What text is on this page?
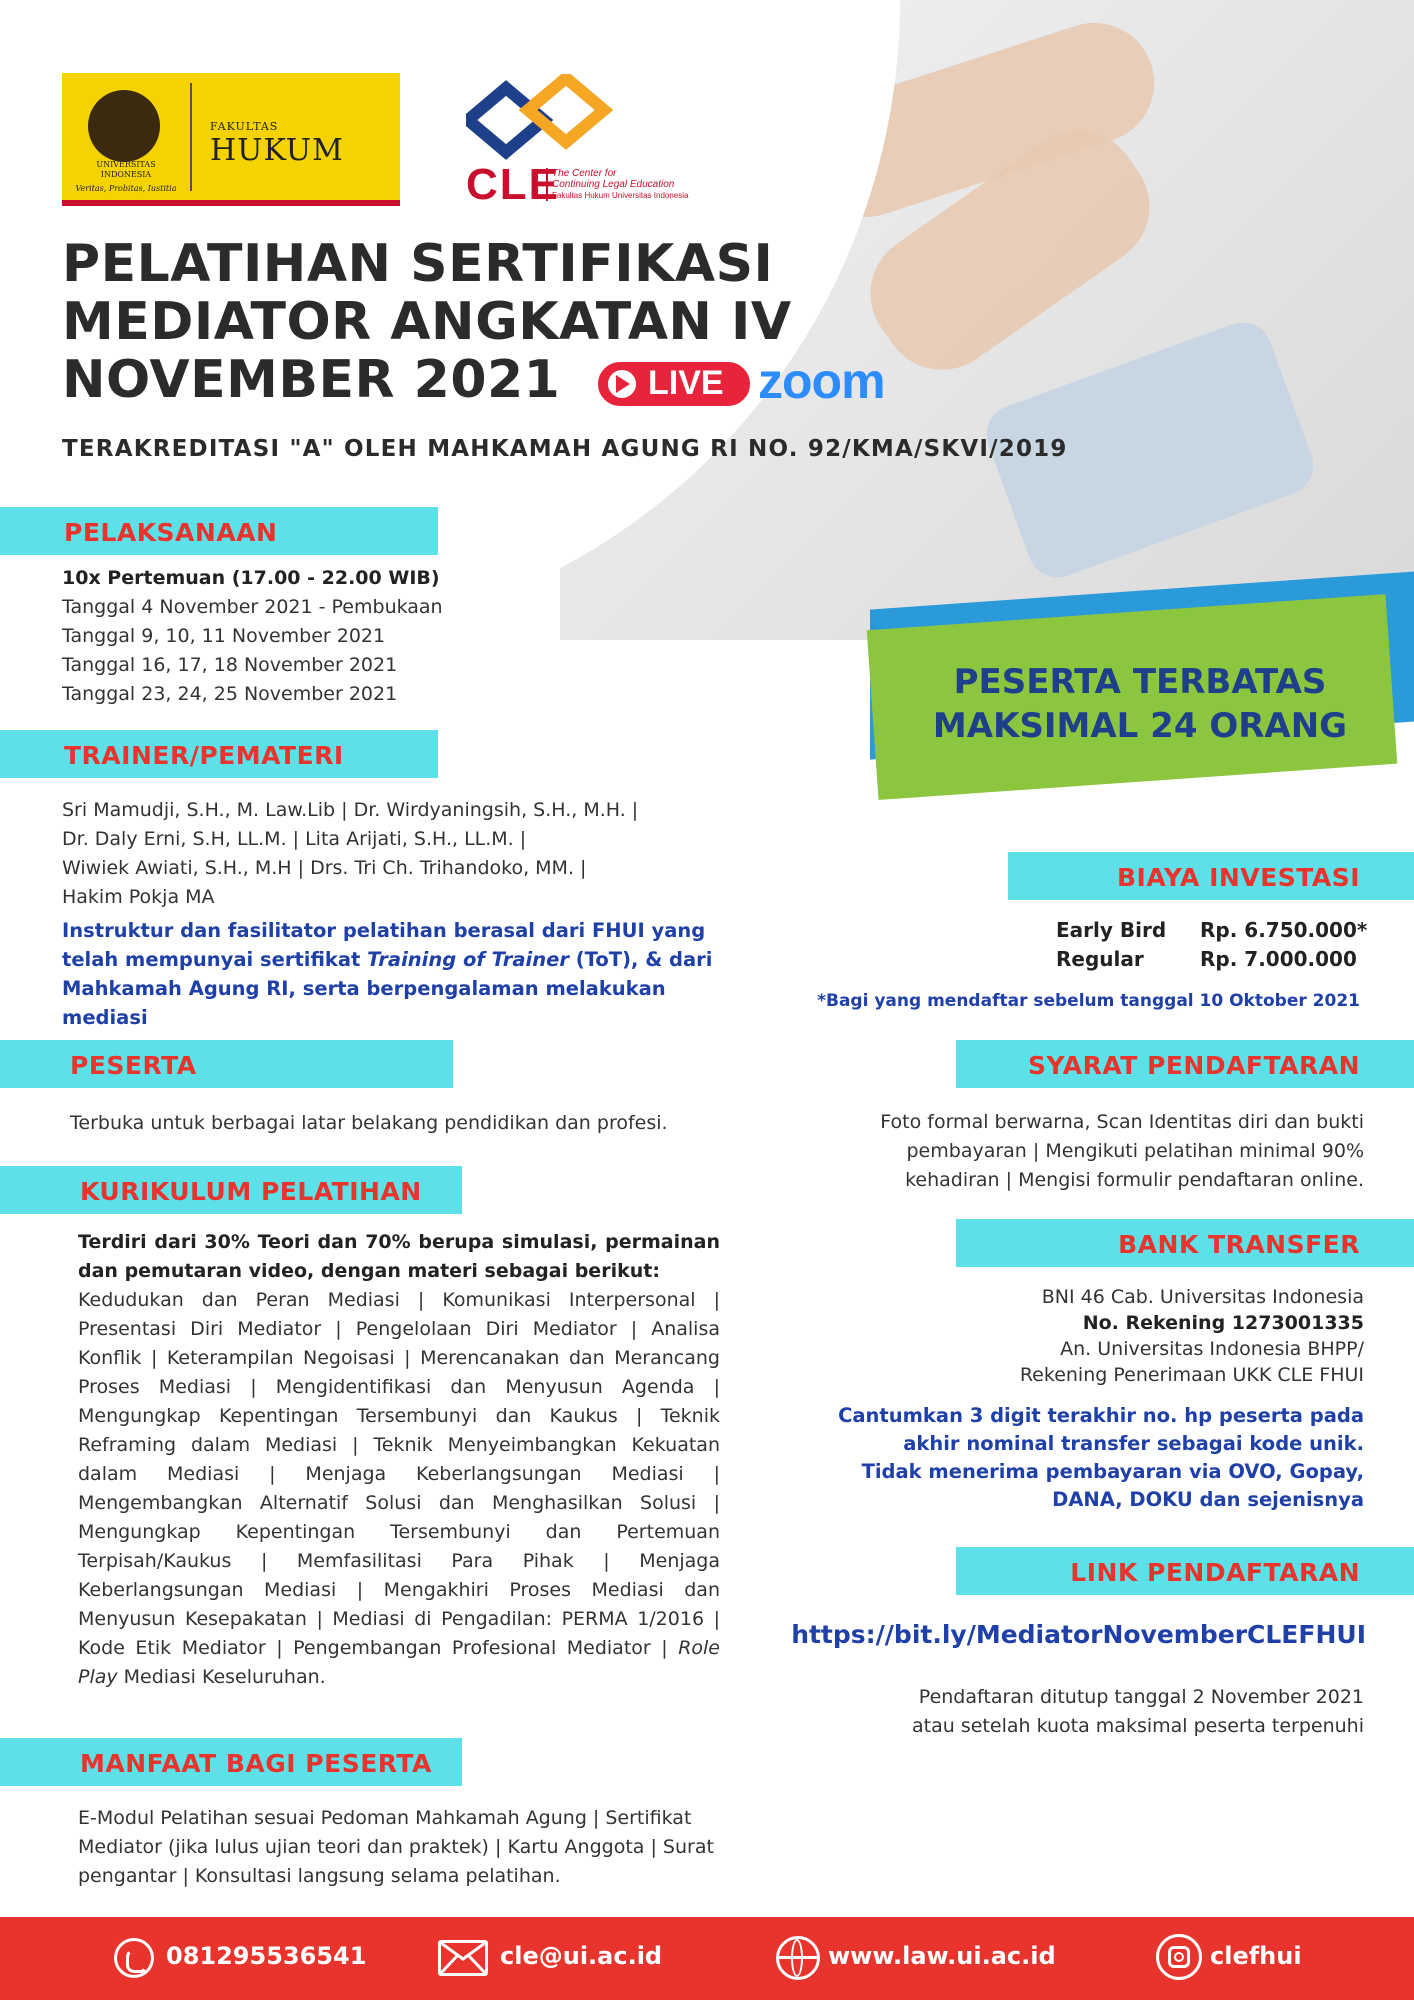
UNIVERSITAS INDONESIA
Veritas, Probitas, Iustitia
FAKULTAS
HUKUM
CLE
The Center for
Continuing Legal Education
Fakultas Hukum Universitas Indonesia
PELATIHAN SERTIFIKASI
MEDIATOR ANGKATAN IV
NOVEMBER 2021	LIVE zoom
TERAKREDITASI "A" OLEH MAHKAMAH AGUNG RI NO. 92/KMA/SKVI/2019
PESERTA TERBATAS
MAKSIMAL 24 ORANG
PELAKSANAAN
10x Pertemuan (17.00 - 22.00 WIB)
Tanggal 4 November 2021 - Pembukaan
Tanggal 9, 10, 11 November 2021
Tanggal 16, 17, 18 November 2021
Tanggal 23, 24, 25 November 2021
TRAINER/PEMATERI
Sri Mamudji, S.H., M. Law.Lib | Dr. Wirdyaningsih, S.H., M.H. |
Dr. Daly Erni, S.H, LL.M. | Lita Arijati, S.H., LL.M. |
Wiwiek Awiati, S.H., M.H | Drs. Tri Ch. Trihandoko, MM. |
Hakim Pokja MA
Instruktur dan fasilitator pelatihan berasal dari FHUI yang telah mempunyai sertifikat Training of Trainer (ToT), & dari Mahkamah Agung RI, serta berpengalaman melakukan mediasi
PESERTA
Terbuka untuk berbagai latar belakang pendidikan dan profesi.
KURIKULUM PELATIHAN
Terdiri dari 30% Teori dan 70% berupa simulasi, permainan dan pemutaran video, dengan materi sebagai berikut:
Kedudukan dan Peran Mediasi | Komunikasi Interpersonal | Presentasi Diri Mediator | Pengelolaan Diri Mediator | Analisa Konflik | Keterampilan Negoisasi | Merencanakan dan Merancang Proses Mediasi | Mengidentifikasi dan Menyusun Agenda | Mengungkap Kepentingan Tersembunyi dan Kaukus | Teknik Reframing dalam Mediasi | Teknik Menyeimbangkan Kekuatan dalam Mediasi | Menjaga Keberlangsungan Mediasi | Mengembangkan Alternatif Solusi dan Menghasilkan Solusi | Mengungkap Kepentingan Tersembunyi dan Pertemuan Terpisah/Kaukus | Memfasilitasi Para Pihak | Menjaga Keberlangsungan Mediasi | Mengakhiri Proses Mediasi dan Menyusun Kesepakatan | Mediasi di Pengadilan: PERMA 1/2016 | Kode Etik Mediator | Pengembangan Profesional Mediator | Role Play Mediasi Keseluruhan.
MANFAAT BAGI PESERTA
E-Modul Pelatihan sesuai Pedoman Mahkamah Agung | Sertifikat Mediator (jika lulus ujian teori dan praktek) | Kartu Anggota | Surat pengantar | Konsultasi langsung selama pelatihan.
BIAYA INVESTASI
Early Bird Rp. 6.750.000*
Regular	Rp. 7.000.000
*Bagi yang mendaftar sebelum tanggal 10 Oktober 2021
SYARAT PENDAFTARAN
Foto formal berwarna, Scan Identitas diri dan bukti
pembayaran | Mengikuti pelatihan minimal 90%
kehadiran | Mengisi formulir pendaftaran online.
BANK TRANSFER
BNI 46 Cab. Universitas Indonesia
No. Rekening 1273001335
An. Universitas Indonesia BHPP/
Rekening Penerimaan UKK CLE FHUI
Cantumkan 3 digit terakhir no. hp peserta pada
akhir nominal transfer sebagai kode unik.
Tidak menerima pembayaran via OVO, Gopay,
DANA, DOKU dan sejenisnya
LINK PENDAFTARAN
https://bit.ly/MediatorNovemberCLEFHUI
Pendaftaran ditutup tanggal 2 November 2021
atau setelah kuota maksimal peserta terpenuhi
081295536541	cle@ui.ac.id	www.law.ui.ac.id	clefhui
